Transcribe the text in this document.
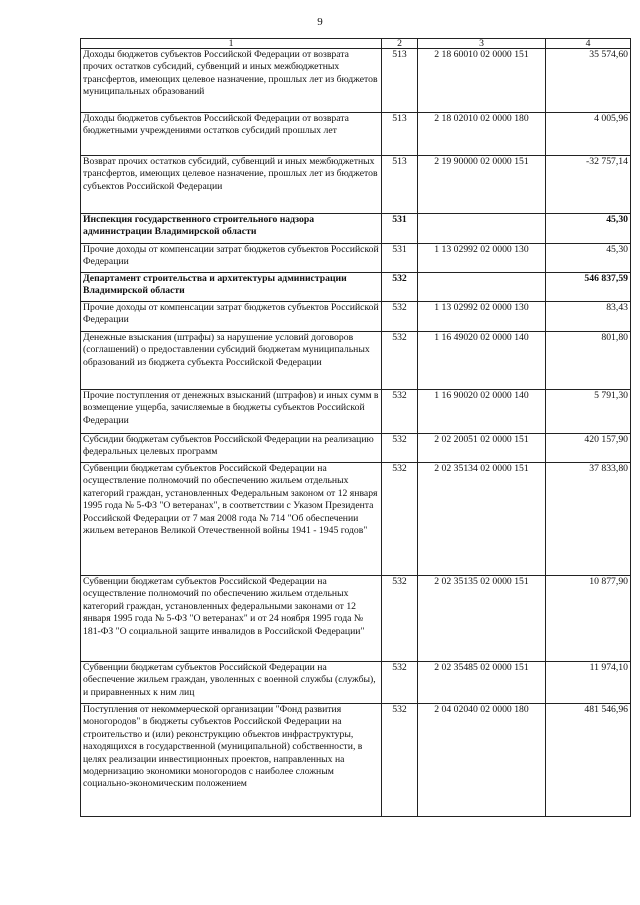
9
1	2	3	4
Доходы бюджетов субъектов Российской Федерации от возврата прочих остатков субсидий, субвенций и иных межбюджетных трансфертов, имеющих целевое назначение, прошлых лет из бюджетов муниципальных образований	513	2 18 60010 02 0000 151	35 574,60
Доходы бюджетов субъектов Российской Федерации от возврата бюджетными учреждениями остатков субсидий прошлых лет	513	2 18 02010 02 0000 180	4 005,96
Возврат прочих остатков субсидий, субвенций и иных межбюджетных трансфертов, имеющих целевое назначение, прошлых лет из бюджетов субъектов Российской Федерации	513	2 19 90000 02 0000 151	-32 757,14
Инспекция государственного строительного надзора администрации Владимирской области	531		45,30
Прочие доходы от компенсации затрат бюджетов субъектов Российской Федерации	531	1 13 02992 02 0000 130	45,30
Департамент строительства и архитектуры администрации Владимирской области	532		546 837,59
Прочие доходы от компенсации затрат бюджетов субъектов Российской Федерации	532	1 13 02992 02 0000 130	83,43
Денежные взыскания (штрафы) за нарушение условий договоров (соглашений) о предоставлении субсидий бюджетам муниципальных образований из бюджета субъекта Российской Федерации	532	1 16 49020 02 0000 140	801,80
Прочие поступления от денежных взысканий (штрафов) и иных сумм в возмещение ущерба, зачисляемые в бюджеты субъектов Российской Федерации	532	1 16 90020 02 0000 140	5 791,30
Субсидии бюджетам субъектов Российской Федерации на реализацию федеральных целевых программ	532	2 02 20051 02 0000 151	420 157,90
Субвенции бюджетам субъектов Российской Федерации на осуществление полномочий по обеспечению жильем отдельных категорий граждан, установленных Федеральным законом от 12 января 1995 года № 5-ФЗ "О ветеранах", в соответствии с Указом Президента Российской Федерации от 7 мая 2008 года № 714 "Об обеспечении жильем ветеранов Великой Отечественной войны 1941 - 1945 годов"	532	2 02 35134 02 0000 151	37 833,80
Субвенции бюджетам субъектов Российской Федерации на осуществление полномочий по обеспечению жильем отдельных категорий граждан, установленных федеральными законами от 12 января 1995 года № 5-ФЗ "О ветеранах" и от 24 ноября 1995 года № 181-ФЗ "О социальной защите инвалидов в Российской Федерации"	532	2 02 35135 02 0000 151	10 877,90
Субвенции бюджетам субъектов Российской Федерации на обеспечение жильем граждан, уволенных с военной службы (службы), и приравненных к ним лиц	532	2 02 35485 02 0000 151	11 974,10
Поступления от некоммерческой организации "Фонд развития моногородов" в бюджеты субъектов Российской Федерации на строительство и (или) реконструкцию объектов инфраструктуры, находящихся в государственной (муниципальной) собственности, в целях реализации инвестиционных проектов, направленных на модернизацию экономики моногородов с наиболее сложным социально-экономическим положением	532	2 04 02040 02 0000 180	481 546,96
